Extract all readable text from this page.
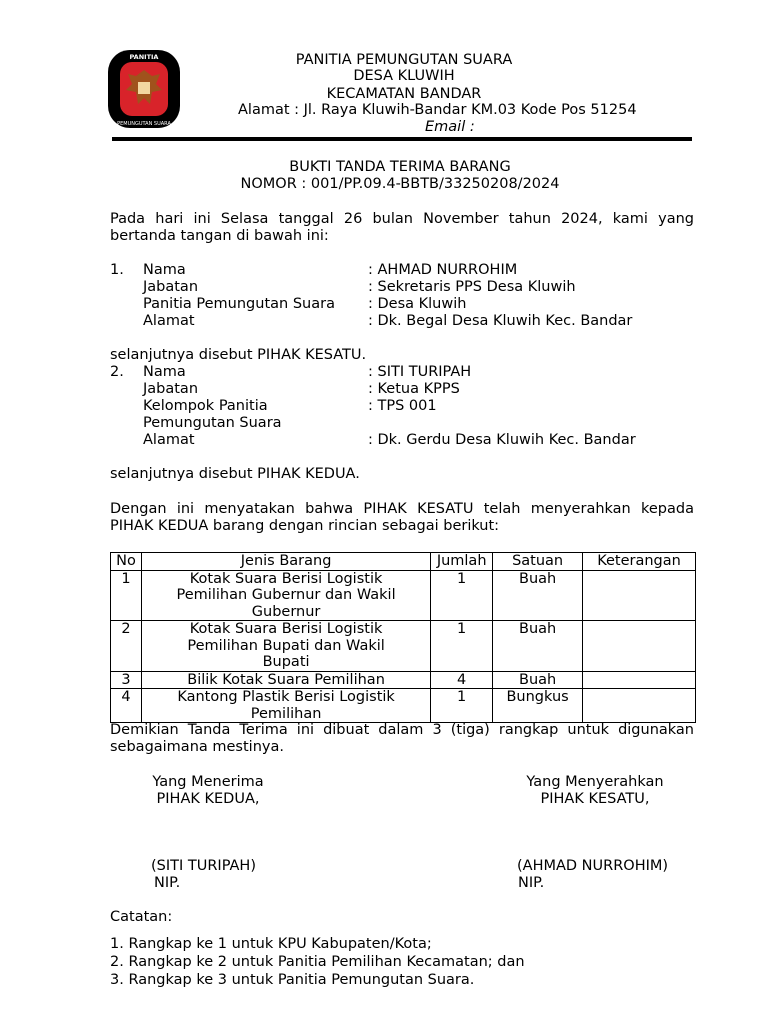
PANITIA
PEMUNGUTAN SUARA
PANITIA PEMUNGUTAN SUARA
DESA KLUWIH
KECAMATAN BANDAR
Alamat : Jl. Raya Kluwih-Bandar KM.03 Kode Pos 51254
Email :
BUKTI TANDA TERIMA BARANG
NOMOR : 001/PP.09.4-BBTB/33250208/2024
Pada hari ini Selasa tanggal 26 bulan November tahun 2024, kami yang bertanda tangan di bawah ini:
1. Nama	: AHMAD NURROHIM
Jabatan	: Sekretaris PPS Desa Kluwih
Panitia Pemungutan Suara : Desa Kluwih
Alamat	: Dk. Begal Desa Kluwih Kec. Bandar
selanjutnya disebut PIHAK KESATU.
2. Nama	: SITI TURIPAH
Jabatan	: Ketua KPPS
Kelompok Panitia	: TPS 001
Pemungutan Suara
Alamat	: Dk. Gerdu Desa Kluwih Kec. Bandar
selanjutnya disebut PIHAK KEDUA.
Dengan ini menyatakan bahwa PIHAK KESATU telah menyerahkan kepada PIHAK KEDUA barang dengan rincian sebagai berikut:
No	Jenis Barang	Jumlah	Satuan	Keterangan
1	Kotak Suara Berisi Logistik Pemilihan Gubernur dan Wakil Gubernur	1	Buah	
2	Kotak Suara Berisi Logistik Pemilihan Bupati dan Wakil Bupati	1	Buah	
3	Bilik Kotak Suara Pemilihan	4	Buah	
4	Kantong Plastik Berisi Logistik Pemilihan	1	Bungkus	
Demikian Tanda Terima ini dibuat dalam 3 (tiga) rangkap untuk digunakan sebagaimana mestinya.
Yang Menerima
PIHAK KEDUA,
(SITI TURIPAH)
NIP.
Yang Menyerahkan
PIHAK KESATU,
(AHMAD NURROHIM)
NIP.
Catatan:
1. Rangkap ke 1 untuk KPU Kabupaten/Kota;
2. Rangkap ke 2 untuk Panitia Pemilihan Kecamatan; dan
3. Rangkap ke 3 untuk Panitia Pemungutan Suara.
